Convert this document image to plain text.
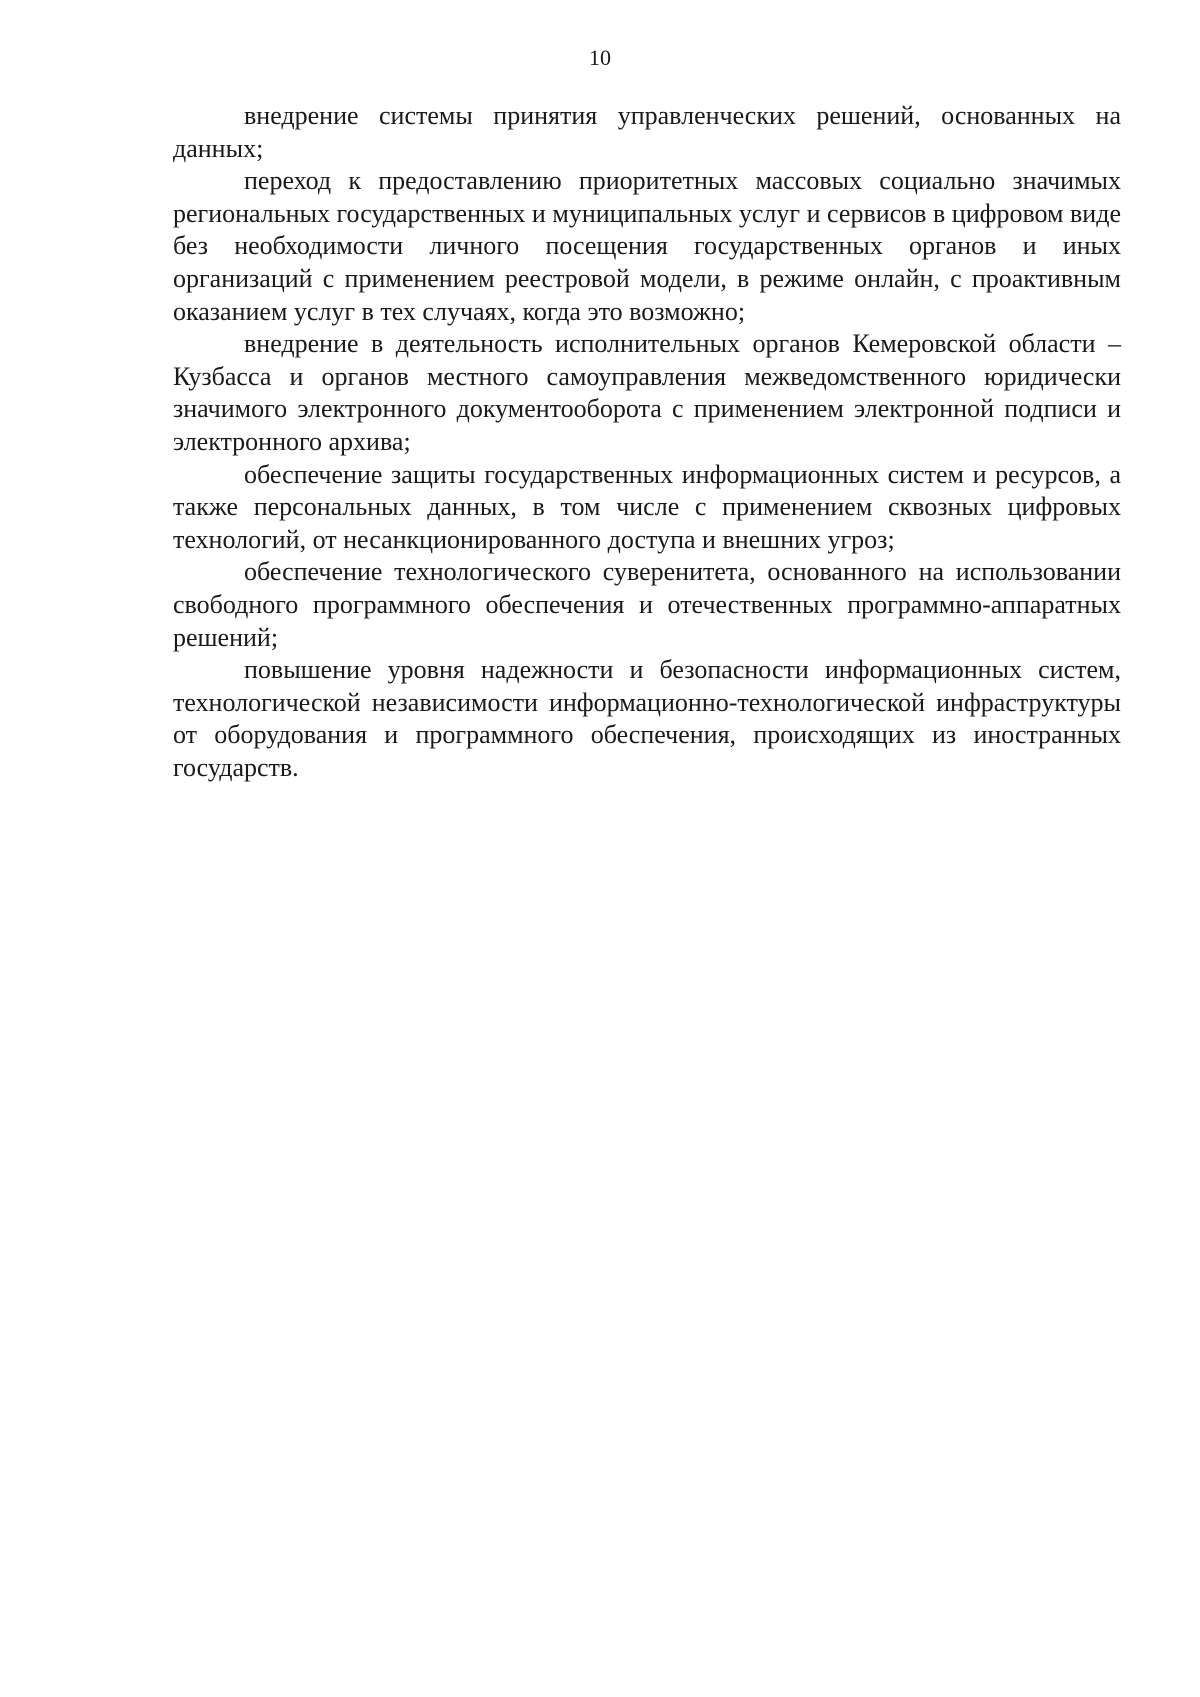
10

внедрение системы принятия управленческих решений, основанных на данных;

переход к предоставлению приоритетных массовых социально значимых региональных государственных и муниципальных услуг и сервисов в цифровом виде без необходимости личного посещения государственных органов и иных организаций с применением реестровой модели, в режиме онлайн, с проактивным оказанием услуг в тех случаях, когда это возможно;

внедрение в деятельность исполнительных органов Кемеровской области – Кузбасса и органов местного самоуправления межведомственного юридически значимого электронного документооборота с применением электронной подписи и электронного архива;

обеспечение защиты государственных информационных систем и ресурсов, а также персональных данных, в том числе с применением сквозных цифровых технологий, от несанкционированного доступа и внешних угроз;

обеспечение технологического суверенитета, основанного на использовании свободного программного обеспечения и отечественных программно-аппаратных решений;

повышение уровня надежности и безопасности информационных систем, технологической независимости информационно-технологической инфраструктуры от оборудования и программного обеспечения, происходящих из иностранных государств.
